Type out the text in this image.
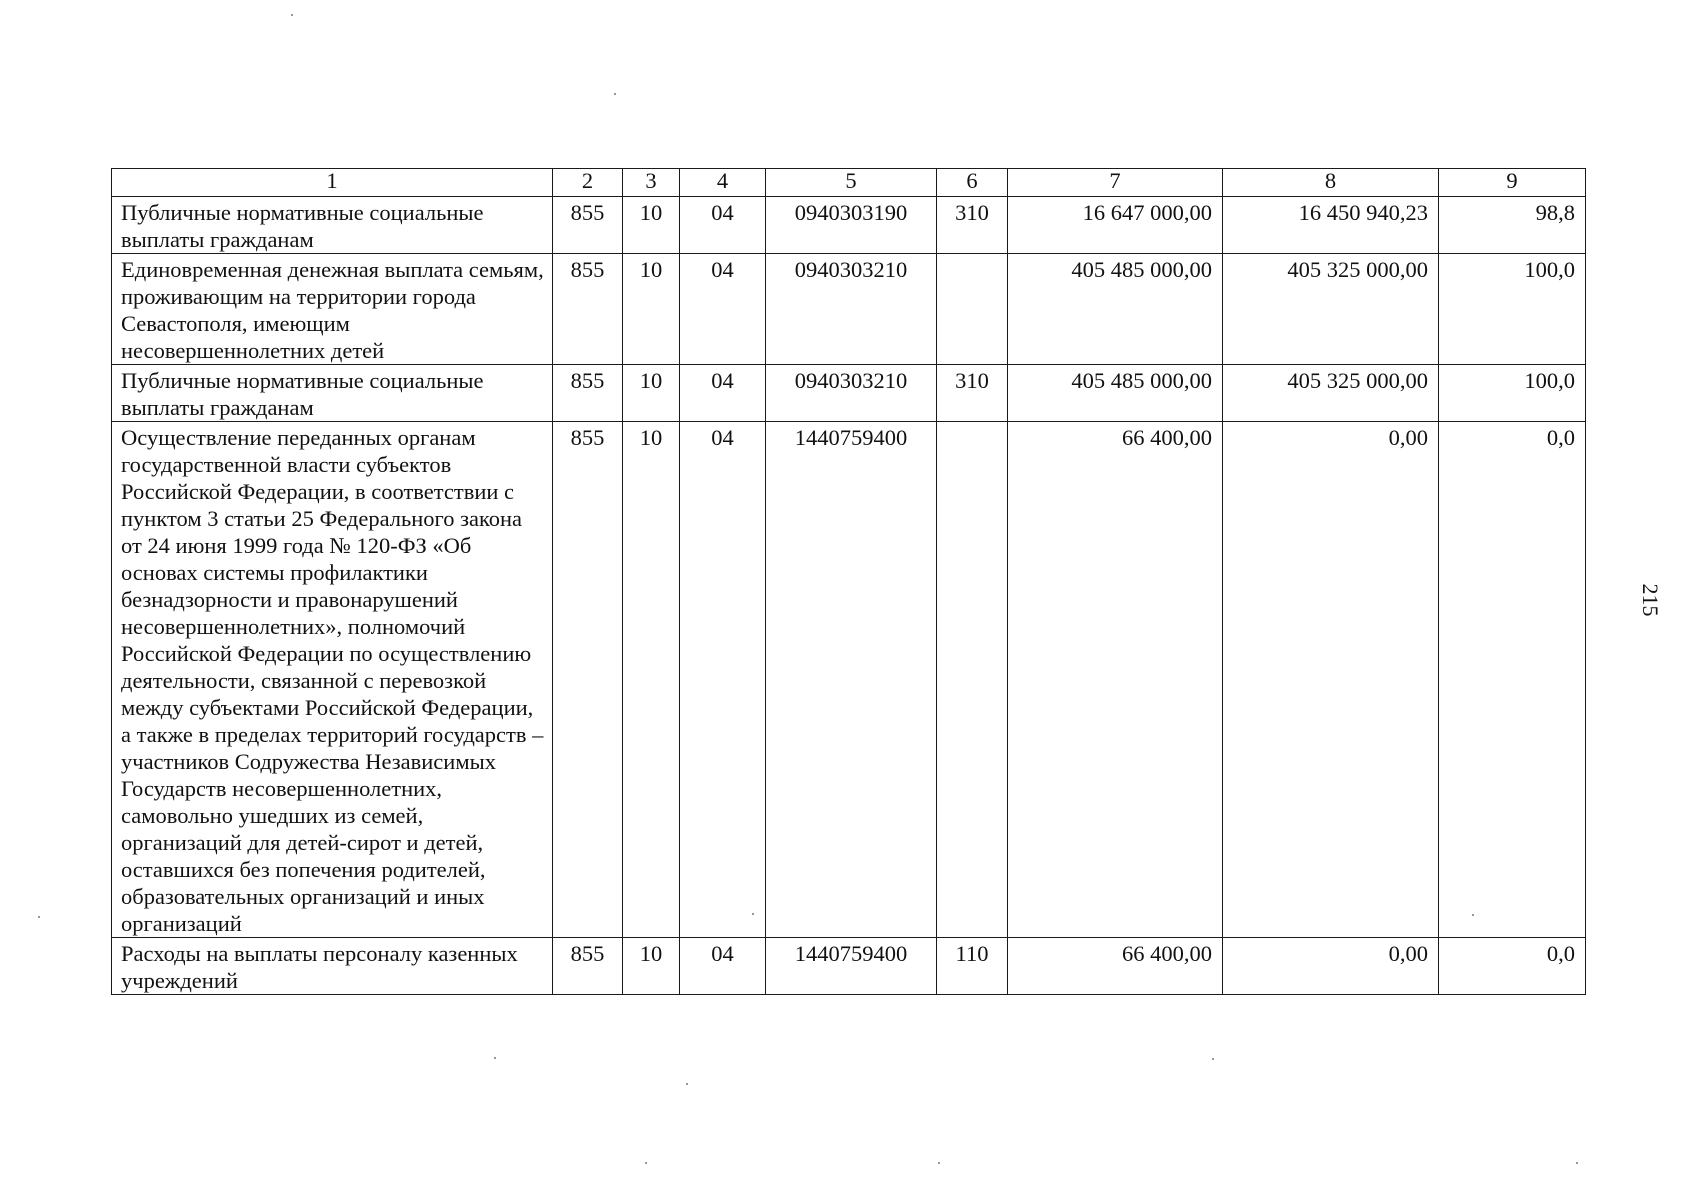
1	2	3	4	5	6	7	8	9
Публичные нормативные социальные выплаты гражданам	855	10	04	0940303190	310	16 647 000,00	16 450 940,23	98,8
Единовременная денежная выплата семьям, проживающим на территории города Севастополя, имеющим несовершеннолетних детей	855	10	04	0940303210		405 485 000,00	405 325 000,00	100,0
Публичные нормативные социальные выплаты гражданам	855	10	04	0940303210	310	405 485 000,00	405 325 000,00	100,0
Осуществление переданных органам государственной власти субъектов Российской Федерации, в соответствии с пунктом 3 статьи 25 Федерального закона от 24 июня 1999 года № 120-ФЗ «Об основах системы профилактики безнадзорности и правонарушений несовершеннолетних», полномочий Российской Федерации по осуществлению деятельности, связанной с перевозкой между субъектами Российской Федерации, а также в пределах территорий государств – участников Содружества Независимых Государств несовершеннолетних, самовольно ушедших из семей, организаций для детей-сирот и детей, оставшихся без попечения родителей, образовательных организаций и иных организаций	855	10	04	1440759400		66 400,00	0,00	0,0
Расходы на выплаты персоналу казенных учреждений	855	10	04	1440759400	110	66 400,00	0,00	0,0
215
